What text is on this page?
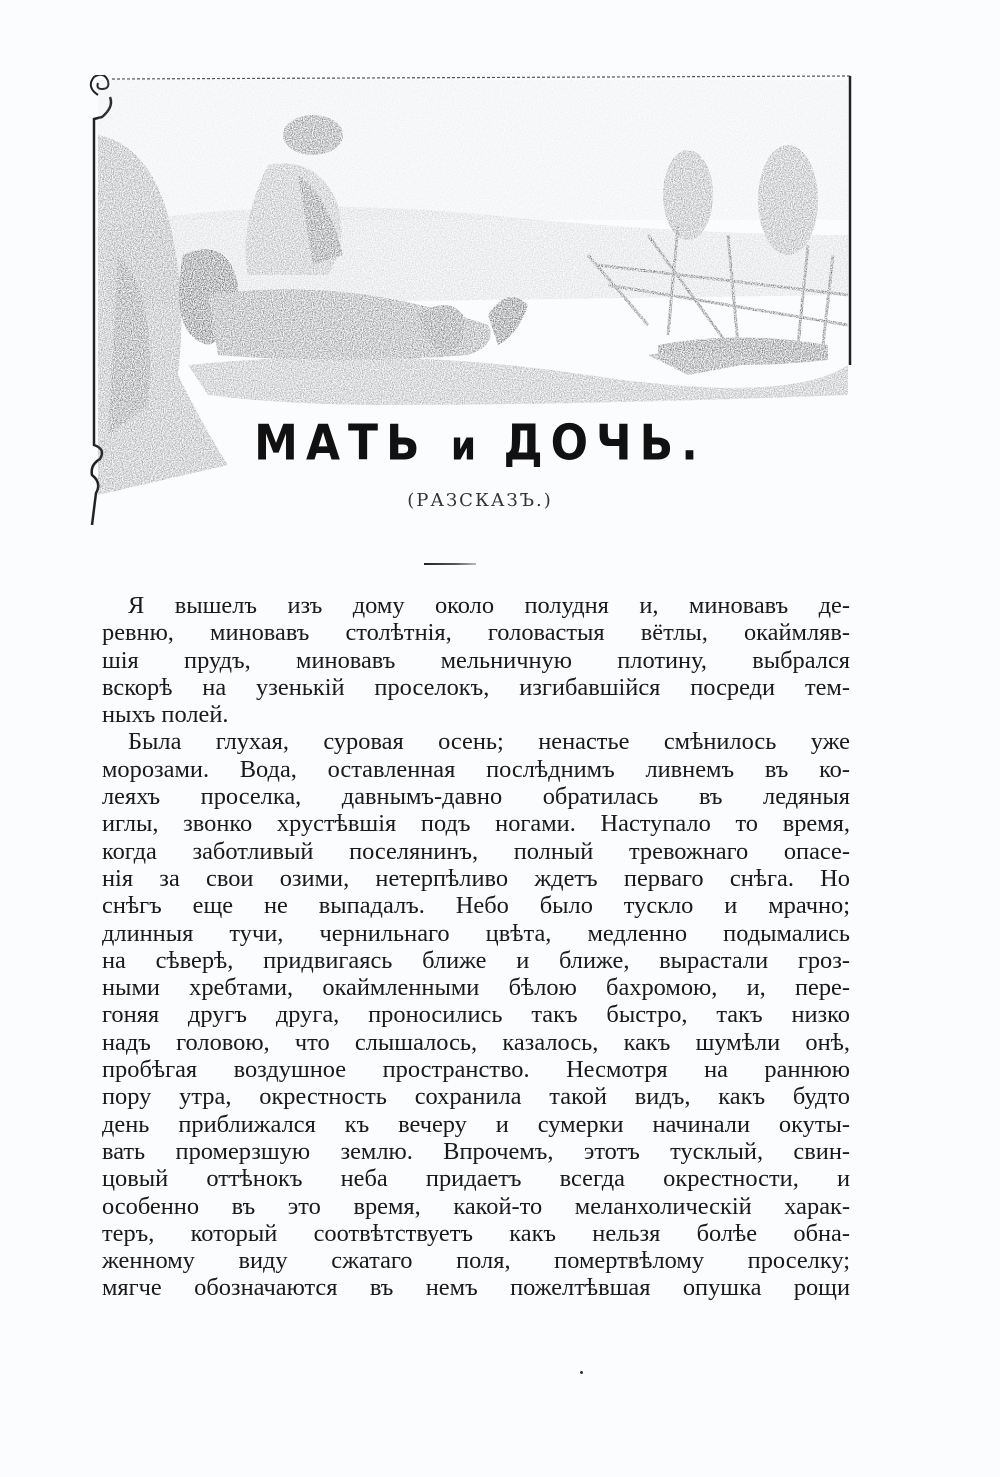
МАТЬ и ДОЧЬ.
(РАЗСКАЗЪ.)
Я вышелъ изъ дому около полудня и, миновавъ де-
ревню, миновавъ столѣтнія, головастыя вётлы, окаймляв-
шія прудъ, миновавъ мельничную плотину, выбрался
вскорѣ на узенькій проселокъ, изгибавшійся посреди тем-
ныхъ полей.
Была глухая, суровая осень; ненастье смѣнилось уже
морозами. Вода, оставленная послѣднимъ ливнемъ въ ко-
леяхъ проселка, давнымъ-давно обратилась въ ледяныя
иглы, звонко хрустѣвшія подъ ногами. Наступало то время,
когда заботливый поселянинъ, полный тревожнаго опасе-
нія за свои озими, нетерпѣливо ждетъ перваго снѣга. Но
снѣгъ еще не выпадалъ. Небо было тускло и мрачно;
длинныя тучи, чернильнаго цвѣта, медленно подымались
на сѣверѣ, придвигаясь ближе и ближе, вырастали гроз-
ными хребтами, окаймленными бѣлою бахромою, и, пере-
гоняя другъ друга, проносились такъ быстро, такъ низко
надъ головою, что слышалось, казалось, какъ шумѣли онѣ,
пробѣгая воздушное пространство. Несмотря на раннюю
пору утра, окрестность сохранила такой видъ, какъ будто
день приближался къ вечеру и сумерки начинали окуты-
вать промерзшую землю. Впрочемъ, этотъ тусклый, свин-
цовый оттѣнокъ неба придаетъ всегда окрестности, и
особенно въ это время, какой-то меланхолическій харак-
теръ, который соотвѣтствуетъ какъ нельзя болѣе обна-
женному виду сжатаго поля, помертвѣлому проселку;
мягче обозначаются въ немъ пожелтѣвшая опушка рощи
